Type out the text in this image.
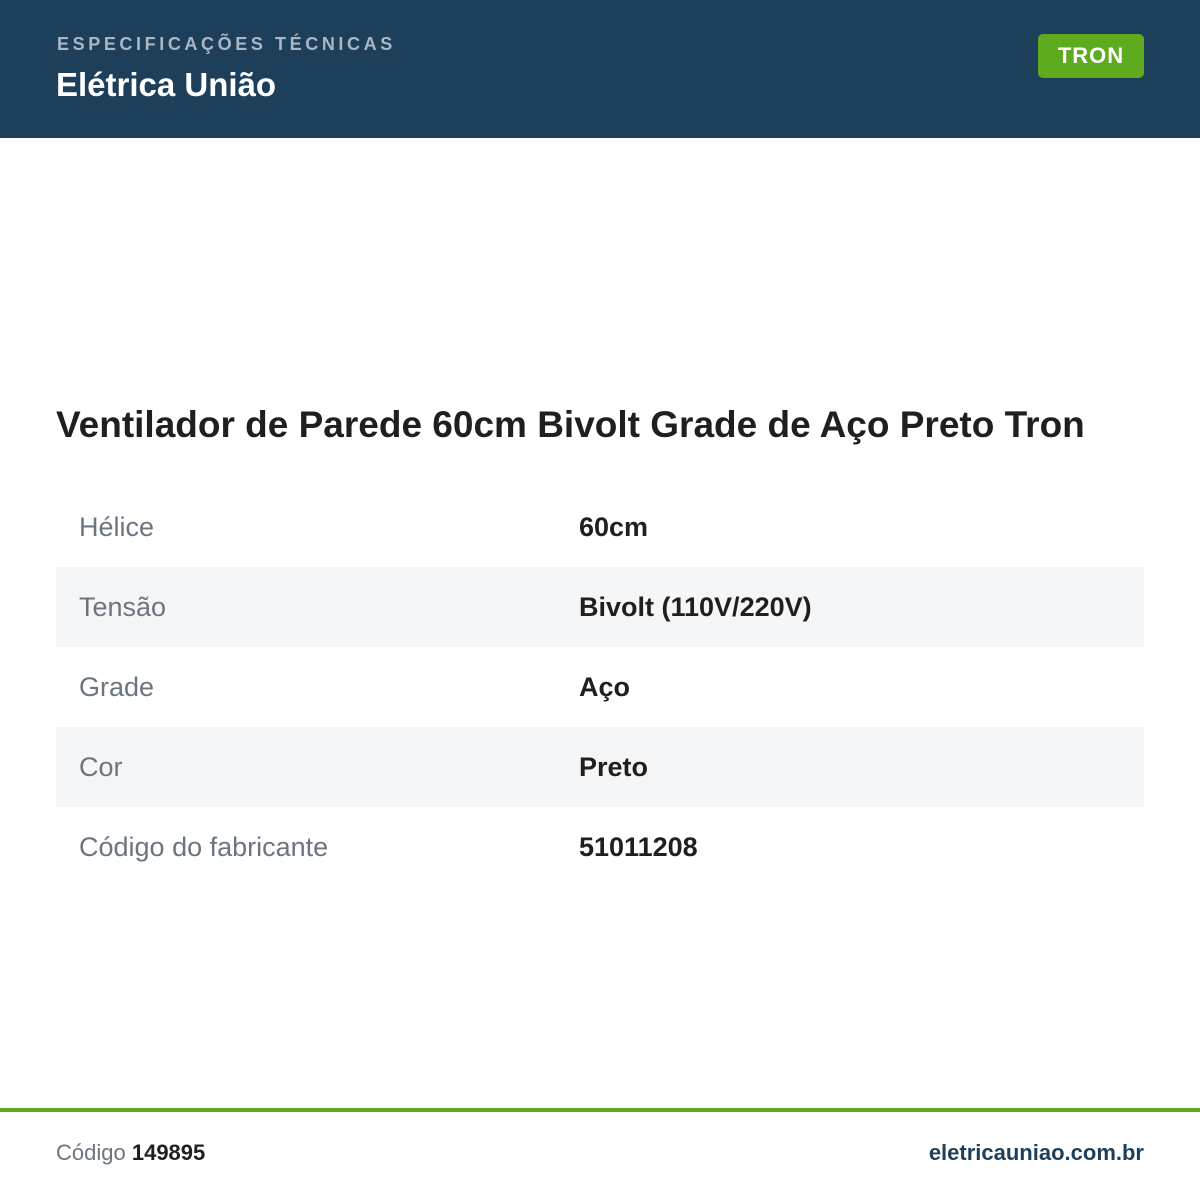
ESPECIFICAÇÕES TÉCNICAS
Elétrica União
TRON
Ventilador de Parede 60cm Bivolt Grade de Aço Preto Tron
Hélice	60cm
Tensão	Bivolt (110V/220V)
Grade	Aço
Cor	Preto
Código do fabricante	51011208
Código 149895	eletricauniao.com.br
